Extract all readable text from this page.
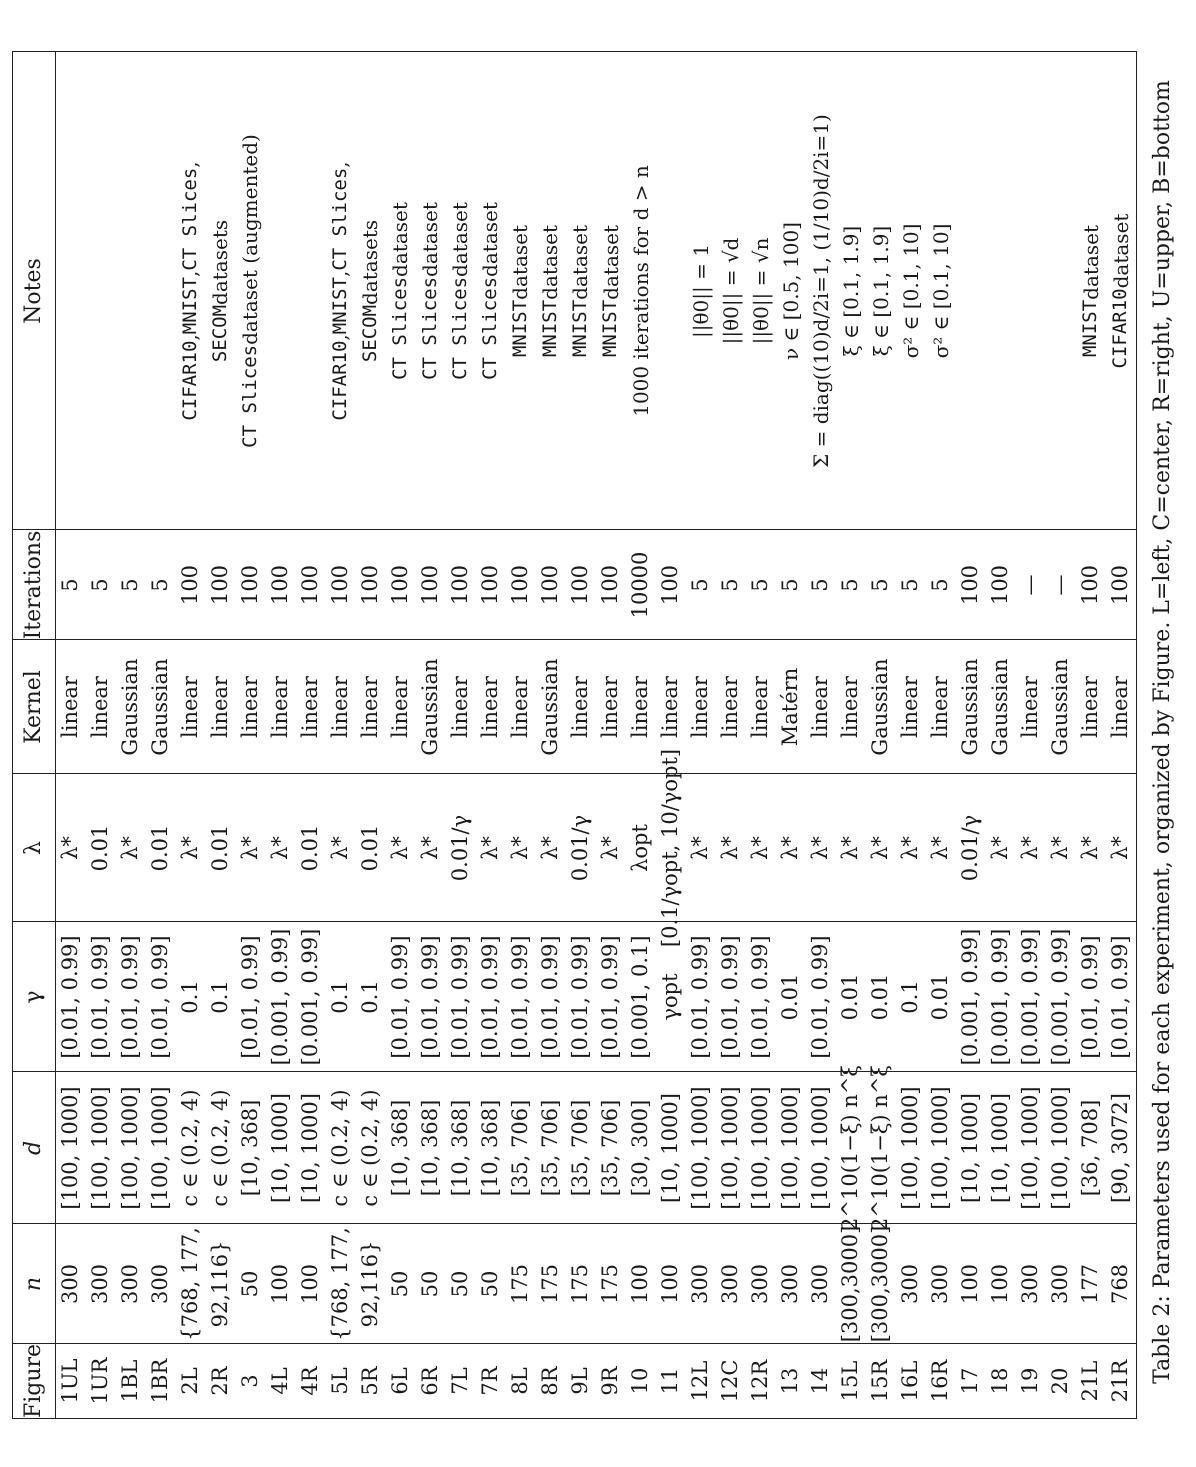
Figure
n
d
γ
λ
Kernel
Iterations
Notes
1UL
300
[100, 1000]
[0.01, 0.99]
λ*
linear
5
1UR
300
[100, 1000]
[0.01, 0.99]
0.01
linear
5
1BL
300
[100, 1000]
[0.01, 0.99]
λ*
Gaussian
5
1BR
300
[100, 1000]
[0.01, 0.99]
0.01
Gaussian
5
2L
{768, 177,
c ∈ (0.2, 4)
0.1
λ*
linear
100
CIFAR10
,
MNIST
,
CT Slices
,
2R
92,116}
c ∈ (0.2, 4)
0.1
0.01
linear
100
SECOM
datasets
3
50
[10, 368]
[0.01, 0.99]
λ*
linear
100
CT Slices
dataset (augmented)
4L
100
[10, 1000]
[0.001, 0.99]
λ*
linear
100
4R
100
[10, 1000]
[0.001, 0.99]
0.01
linear
100
5L
{768, 177,
c ∈ (0.2, 4)
0.1
λ*
linear
100
CIFAR10
,
MNIST
,
CT Slices
,
5R
92,116}
c ∈ (0.2, 4)
0.1
0.01
linear
100
SECOM
datasets
6L
50
[10, 368]
[0.01, 0.99]
λ*
linear
100
CT Slices
dataset
6R
50
[10, 368]
[0.01, 0.99]
λ*
Gaussian
100
CT Slices
dataset
7L
50
[10, 368]
[0.01, 0.99]
0.01/γ
linear
100
CT Slices
dataset
7R
50
[10, 368]
[0.01, 0.99]
λ*
linear
100
CT Slices
dataset
8L
175
[35, 706]
[0.01, 0.99]
λ*
linear
100
MNIST
dataset
8R
175
[35, 706]
[0.01, 0.99]
λ*
Gaussian
100
MNIST
dataset
9L
175
[35, 706]
[0.01, 0.99]
0.01/γ
linear
100
MNIST
dataset
9R
175
[35, 706]
[0.01, 0.99]
λ*
linear
100
MNIST
dataset
10
100
[30, 300]
[0.001, 0.1]
λopt
linear
10000
1000 iterations for d > n
11
100
[10, 1000]
γopt
[0.1/γopt, 10/γopt]
linear
100
12L
300
[100, 1000]
[0.01, 0.99]
λ*
linear
5
||θ0|| = 1
12C
300
[100, 1000]
[0.01, 0.99]
λ*
linear
5
||θ0|| = √d
12R
300
[100, 1000]
[0.01, 0.99]
λ*
linear
5
||θ0|| = √n
13
300
[100, 1000]
0.01
λ*
Matérn
5
ν ∈ [0.5, 100]
14
300
[100, 1000]
[0.01, 0.99]
λ*
linear
5
Σ = diag((10)d/2i=1, (1/10)d/2i=1)
15L
[300,3000]
2^10(1−ξ) n^ξ
0.01
λ*
linear
5
ξ ∈ [0.1, 1.9]
15R
[300,3000]
2^10(1−ξ) n^ξ
0.01
λ*
Gaussian
5
ξ ∈ [0.1, 1.9]
16L
300
[100, 1000]
0.1
λ*
linear
5
σ² ∈ [0.1, 10]
16R
300
[100, 1000]
0.01
λ*
linear
5
σ² ∈ [0.1, 10]
17
100
[10, 1000]
[0.001, 0.99]
0.01/γ
Gaussian
100
18
100
[10, 1000]
[0.001, 0.99]
λ*
Gaussian
100
19
300
[100, 1000]
[0.001, 0.99]
λ*
linear
—
20
300
[100, 1000]
[0.001, 0.99]
λ*
Gaussian
—
21L
177
[36, 708]
[0.01, 0.99]
λ*
linear
100
MNIST
dataset
21R
768
[90, 3072]
[0.01, 0.99]
λ*
linear
100
CIFAR10
dataset Table 2: Parameters used for each experiment, organized by Figure. L=left, C=center, R=right, U=upper, B=bottom
